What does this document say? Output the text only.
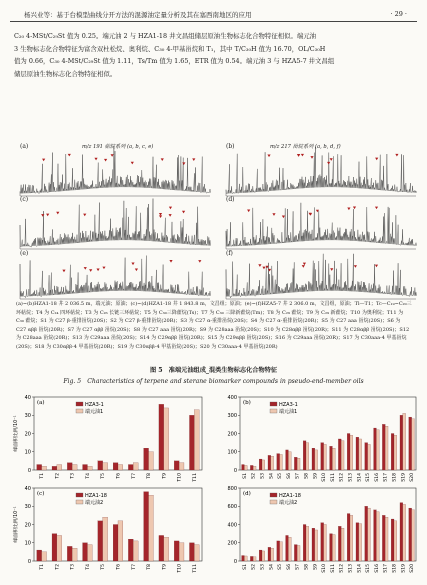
杨兴业等：基于台模型曲线分开方法的混源油定量分析及其在塞西南地区的应用	· 29 ·

C₂₀ 4-MSt/C₂₉St 值为 0.25。端元油 2 与 HZA1-18 井文昌组储层原油生物标志化合物特征相似。端元油

3 生物标志化合物特征为富含双杜松烷、奥利烷、C₃₀ 4-甲基甾烷和 T₁，其中 T/C₃₀H 值为 16.70，OL/C₃₀H

值为 0.66，C₃₀ 4-MSt/C₂₉St 值为 1.11，Ts/Tm 值为 1.65，ETR 值为 0.54。端元油 3 与 HZA5-7 井文昌组

储层原油生物标志化合物特征相似。

(a)	m/z 191 萜烷系列 (a, b, c, e)	(b)	m/z 217 甾烷系列 (a, b, d, f)
(c)	(d)
(e)	(f)
(a)~(b)HZA1-18 井 2 036.5 m，端元油；原油；(c)~(d)HZA1-18 井 1 843.8 m，文昌组；原油；(e)~(f)HZA5-7 井 2 306.0 m，文昌组，原油；Tl—T1；Tc—C₁₉~C₂₀三环萜烷；T4 为 C₂₄ 四环萜烷；T3 为 C₂₆ 长链三环萜烷；T5 为 C₃₀三降藿烷(Ts)；T7 为 C₃₀ 三降新藿烷(Tm)；T8 为 C₂₉ 藿烷；T9 为 C₂₉ 新藿烷；T10 为奥利烷；T11 为 C₃₀ 藿烷；S1 为 C27 β-重排甾烷(20S)；S2 为 C27 β-重排甾烷(20R)；S3 为 C27 α-重排甾烷(20S)；S4 为 C27 α-重排甾烷(20R)；S5 为 C27 aaa 甾烷(20S)；S6 为 C27 αββ 甾烷(20R)；S7 为 C27 αββ 甾烷(20S)；S8 为 C27 aaa 甾烷(20R)；S9 为 C28aaa 甾烷(20S)；S10 为 C28αββ 甾烷(20R)；S11 为 C28αββ 甾烷(20S)；S12 为 C28aaa 甾烷(20R)；S13 为 C29aaa 甾烷(20S)；S14 为 C29αββ 甾烷(20R)；S15 为 C29αββ 甾烷(20S)；S16 为 C29aaa 甾烷(20R)；S17 为 C30aaa-4 甲基甾烷(20S)；S18 为 C30αββ-4 甲基甾烷(20R)；S19 为 C30αββ-4 甲基甾烷(20S)；S20 为 C30aaa-4 甲基甾烷(20R)
图 5　准端元油组成_混类生物标志化合物特征
Fig. 5　Characteristics of terpene and sterane biomarker compounds in pseudo-end-member oils
0
10
20
30
40
(a)
峰面积比例/10⁻¹
HZA3-1
端元油1
T1 T2 T3 T4 T5 T6 T7 T8 T9 T10 T11
0
100
200
300
400
(b)	HZA3-1
端元油1
S1 S2 S3 S4 S5 S6 S7 S8 S9 S10 S11 S12 S13 S14 S15 S16 S17 S18 S19 S20
0
10
20
30
40
(c)
峰面积比例/10⁻¹
HZA1-18
端元油2
T1 T2 T3 T4 T5 T6 T7 T8 T9 T10 T11
0
200
400
600
800
(d)	HZA1-18
端元油2
S1 S2 S3 S4 S5 S6 S7 S8 S9 S10 S11 S12 S13 S14 S15 S16 S17 S18 S19 S20
